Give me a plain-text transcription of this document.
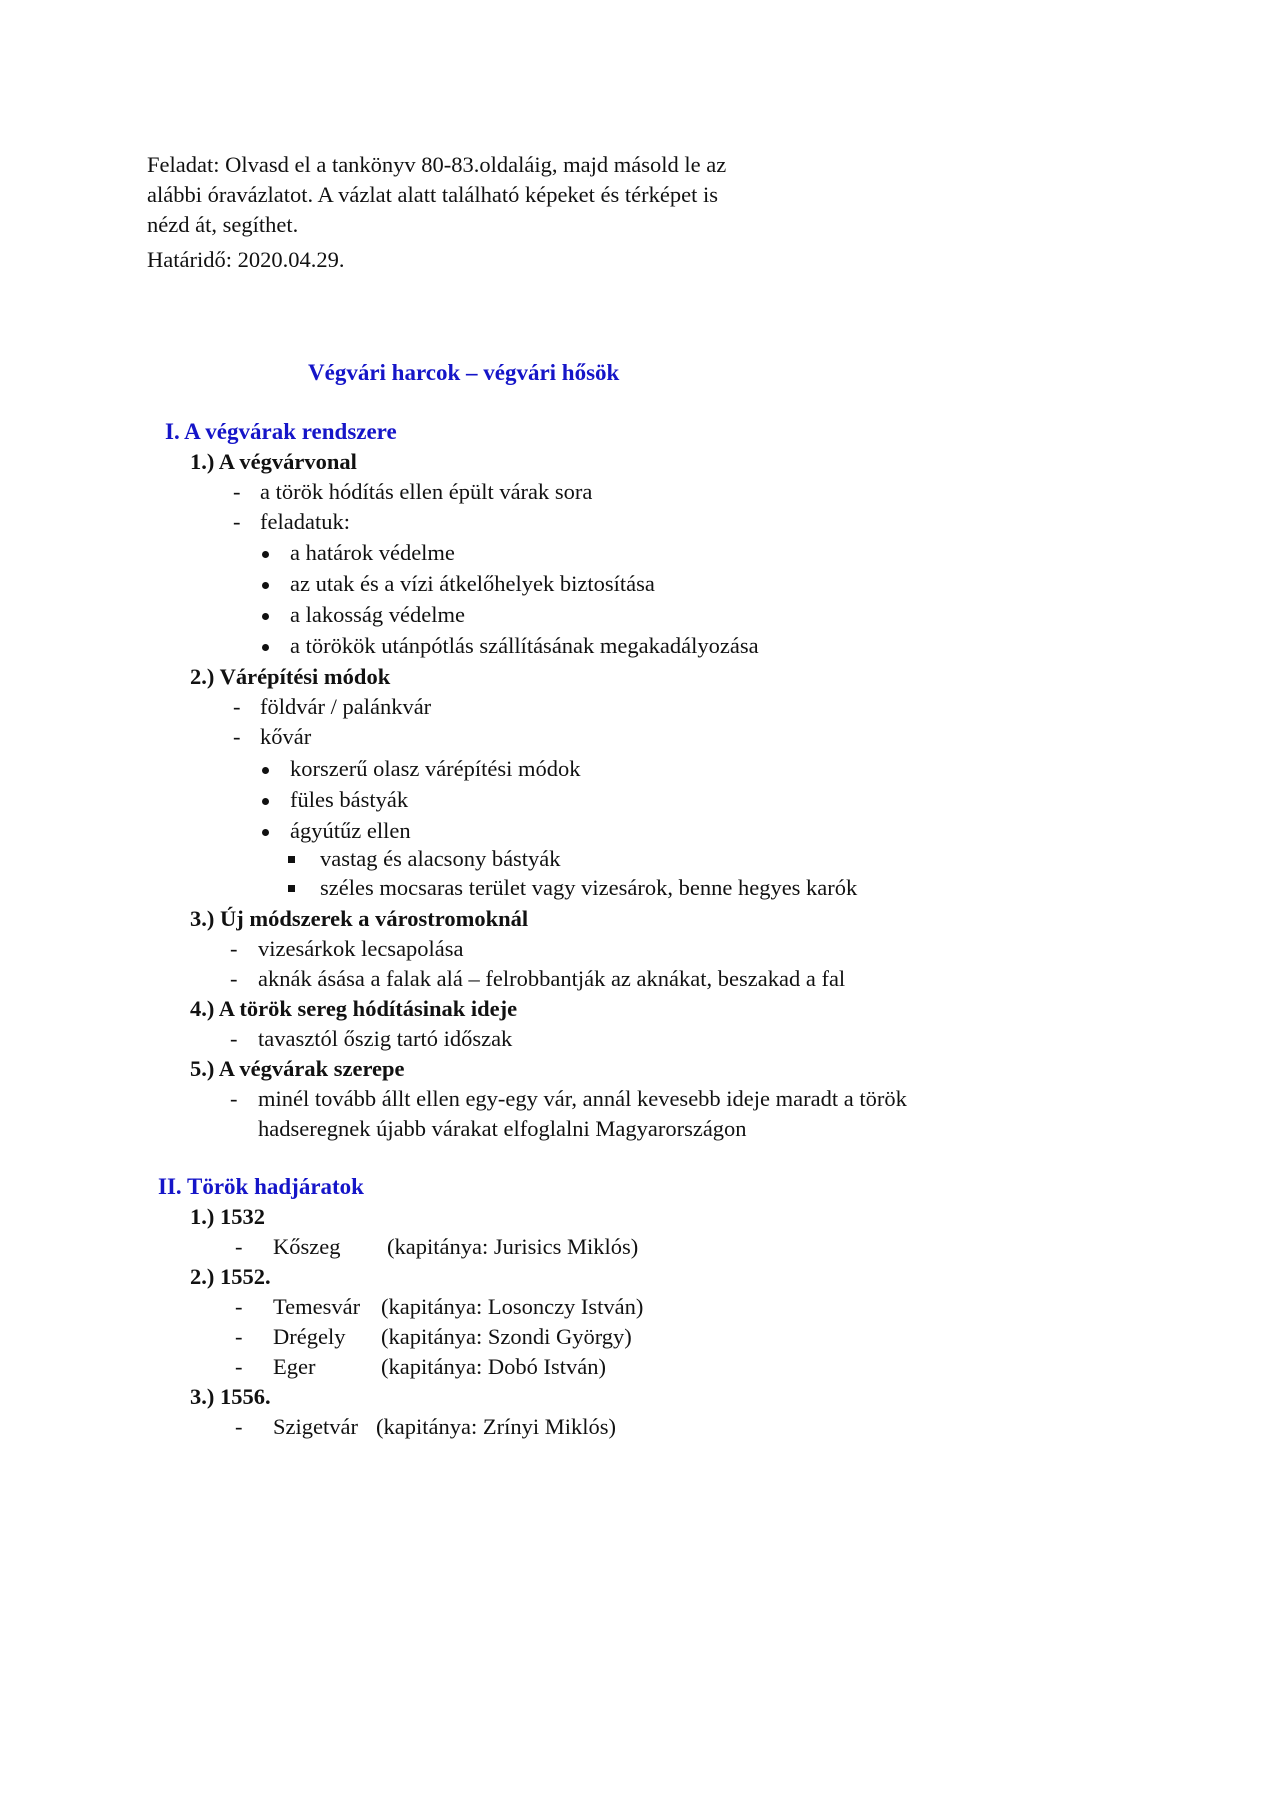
Feladat: Olvasd el a tankönyv 80-83.oldaláig, majd másold le az
alábbi óravázlatot. A vázlat alatt található képeket és térképet is
nézd át, segíthet.
Határidő: 2020.04.29.
Végvári harcok – végvári hősök
I. A végvárak rendszere
1.) A végvárvonal
- a török hódítás ellen épült várak sora
- feladatuk:
a határok védelme
az utak és a vízi átkelőhelyek biztosítása
a lakosság védelme
a törökök utánpótlás szállításának megakadályozása
2.) Várépítési módok
- földvár / palánkvár
- kővár
korszerű olasz várépítési módok
füles bástyák
ágyútűz ellen
vastag és alacsony bástyák
széles mocsaras terület vagy vizesárok, benne hegyes karók
3.) Új módszerek a várostromoknál
- vizesárkok lecsapolása
- aknák ásása a falak alá – felrobbantják az aknákat, beszakad a fal
4.) A török sereg hódításinak ideje
- tavasztól őszig tartó időszak
5.) A végvárak szerepe
- minél tovább állt ellen egy-egy vár, annál kevesebb ideje maradt a török
hadseregnek újabb várakat elfoglalni Magyarországon
II. Török hadjáratok
1.) 1532
- Kőszeg (kapitánya: Jurisics Miklós)
2.) 1552.
- Temesvár (kapitánya: Losonczy István)
- Drégely (kapitánya: Szondi György)
- Eger	(kapitánya: Dobó István)
3.) 1556.
- Szigetvár (kapitánya: Zrínyi Miklós)
